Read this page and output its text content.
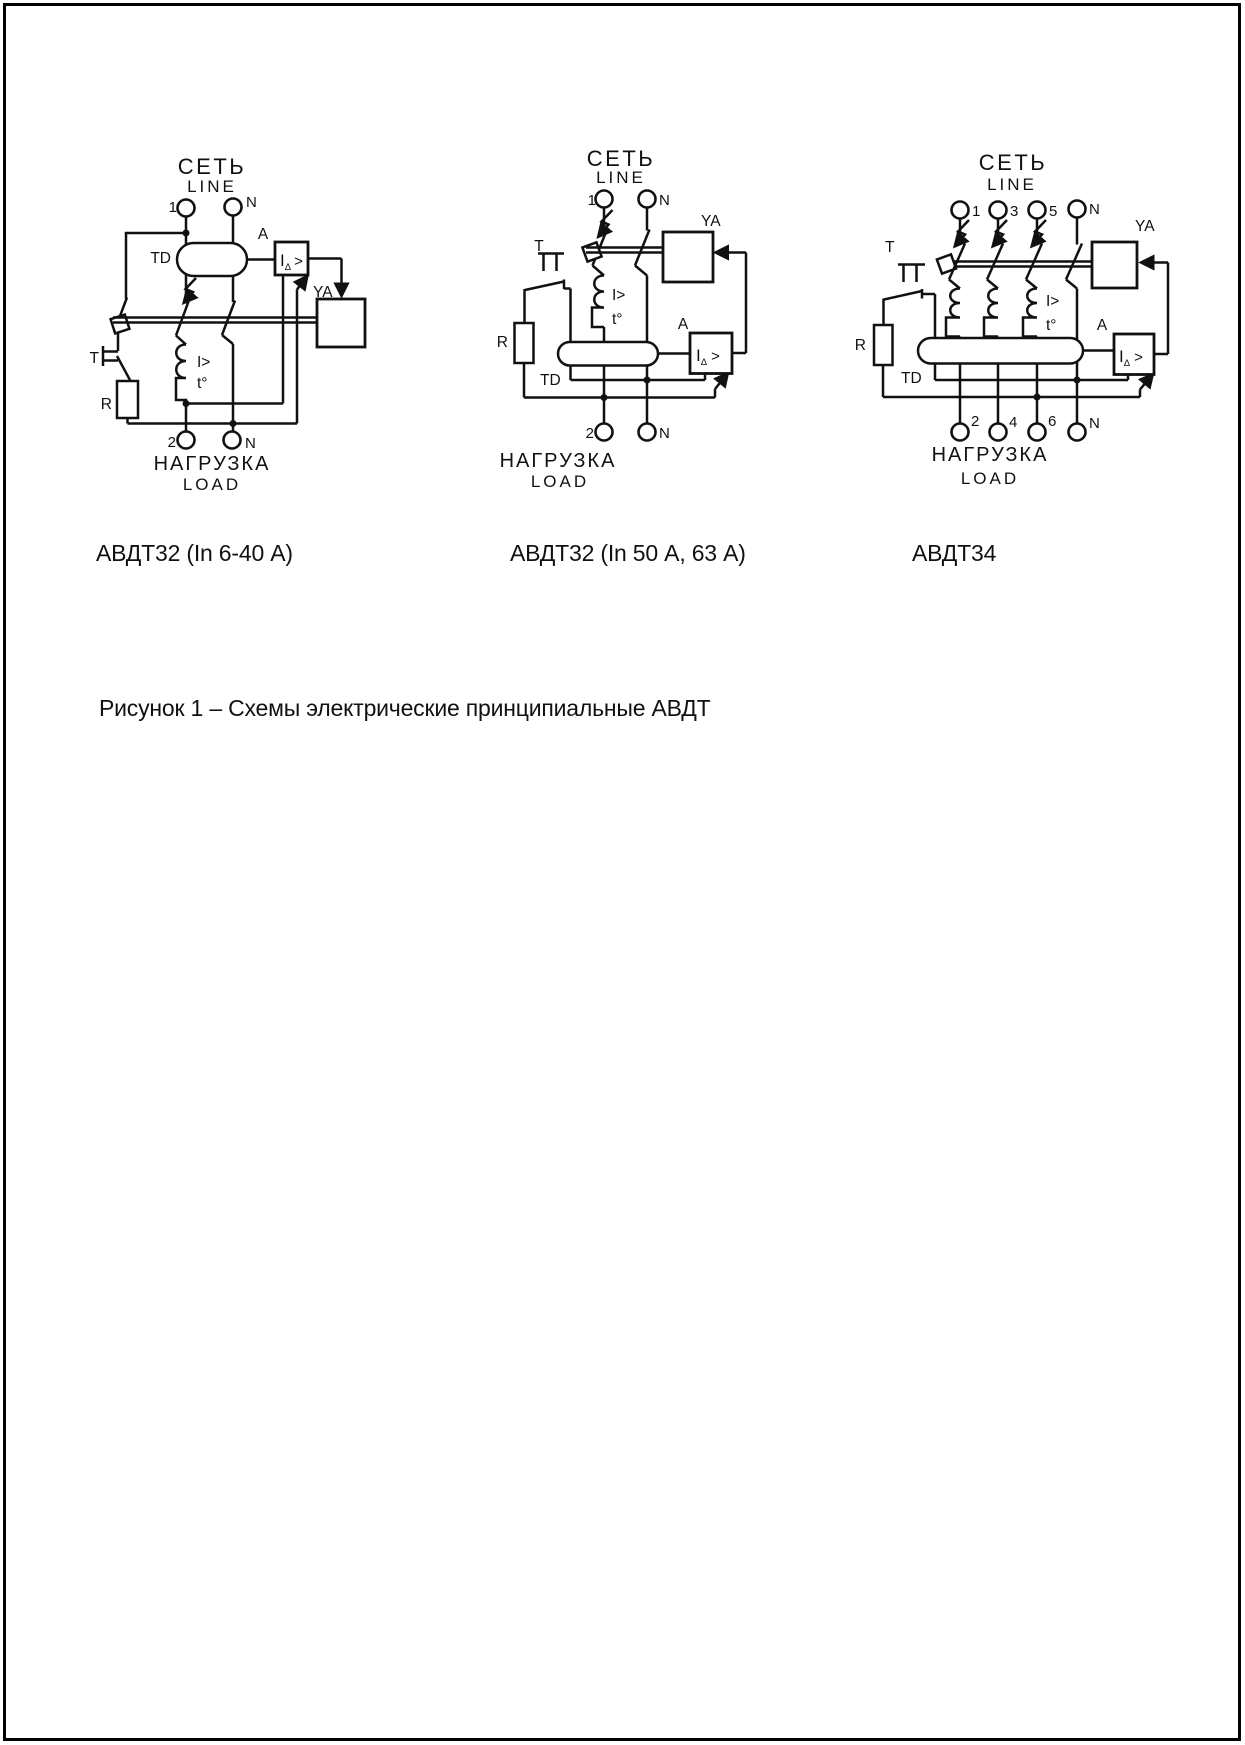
СЕТЬ
LINE
1	N
TD
A
YA
T
R
I>
t°
$I_\Delta$ >
2	N
НАГРУЗКА
LOAD
АВДТ32 (In 6-40 А)
СЕТЬ
LINE
1	N
T
R
I>
t°
TD
A
YA
$I_\Delta$ >
2	N
НАГРУЗКА
LOAD
АВДТ32 (In 50 А, 63 А)
СЕТЬ
LINE
1 3 5 N
T
R
I>
t°
TD
A
YA
$I_\Delta$ >
2 4 6 N
НАГРУЗКА
LOAD
АВДТ34
Рисунок 1 – Схемы электрические принципиальные АВДТ
